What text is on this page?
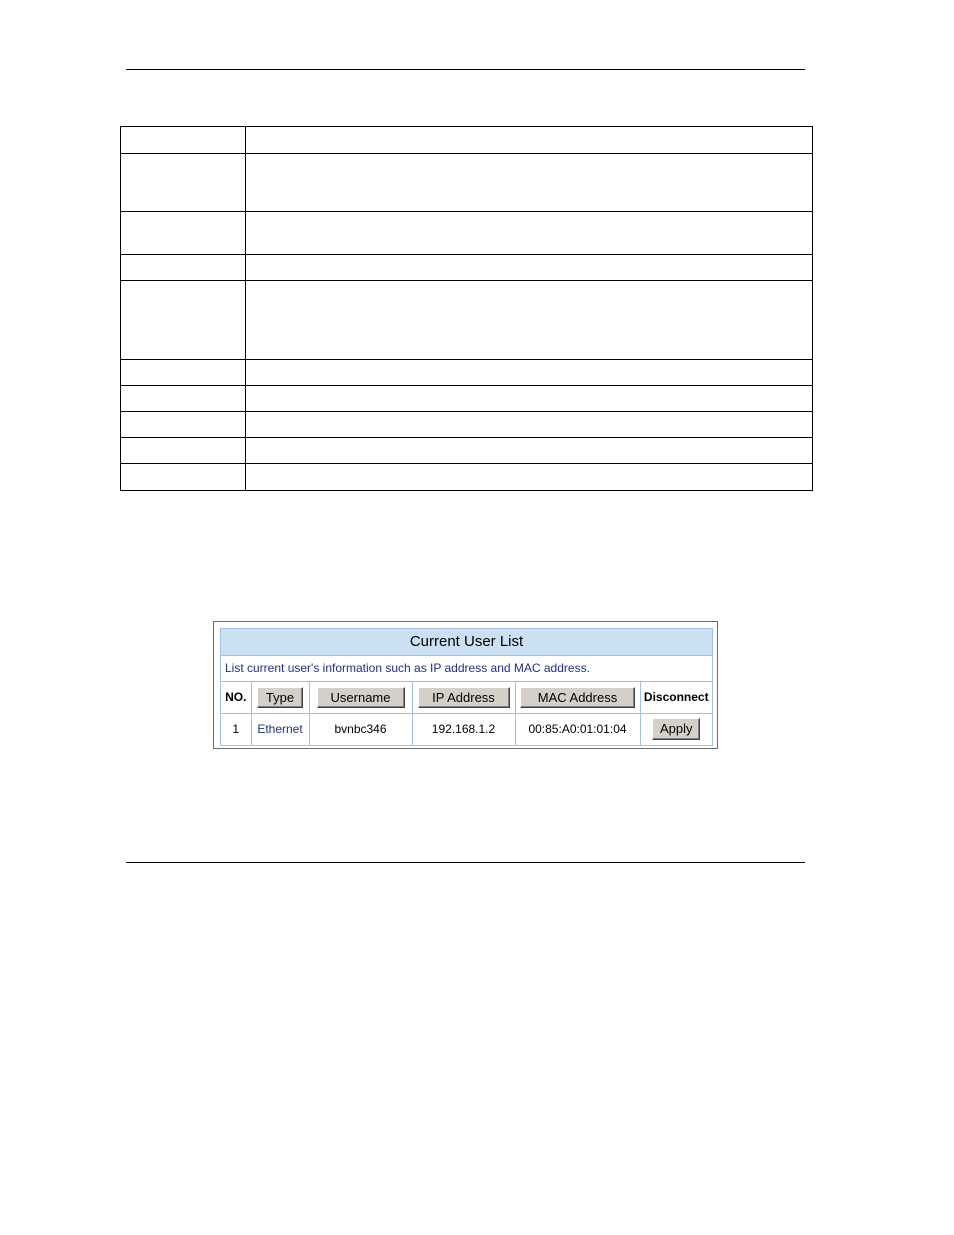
Current User List
List current user's information such as IP address and MAC address.
NO.	Type	Username	IP Address	MAC Address	Disconnect
1	Ethernet	bvnbc346	192.168.1.2	00:85:A0:01:01:04	Apply
